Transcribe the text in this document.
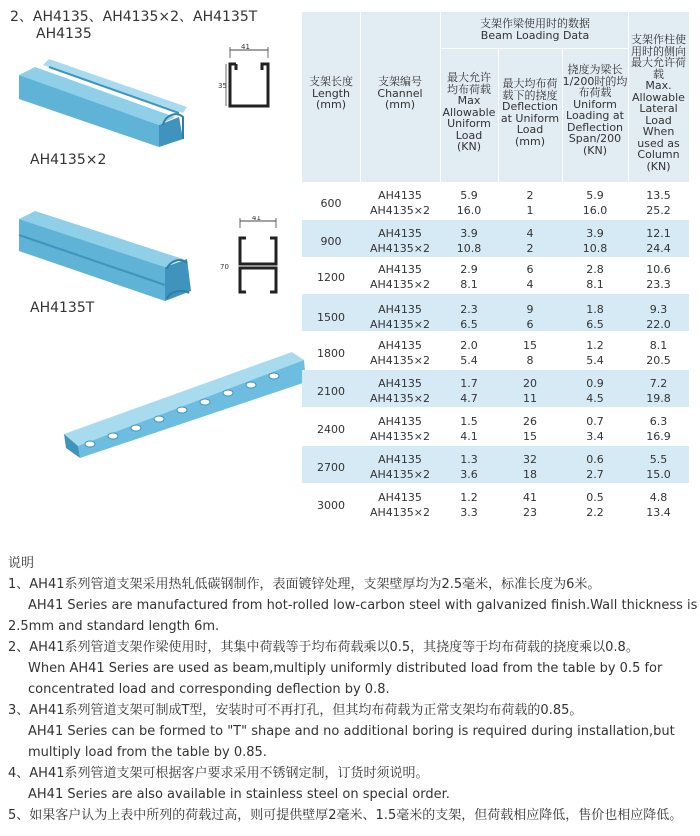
2、AH4135、AH4135×2、AH4135T
AH4135
41
35
AH4135×2
41
70
AH4135T
支架长度
Length
(mm)
支架编号
Channel
(mm)
支架作梁使用时的数据
Beam Loading Data
最大允许
均布荷载
Max
Allowable
Uniform
Load
(KN)
最大均布荷
载下的挠度
Deflection
at Uniform
Load
(mm)
挠度为梁长
1/200时的均
布荷载
Uniform
Loading at
Deflection
Span/200
(KN)
支架作柱使
用时的侧向
最大允许荷
载
Max.
Allowable
Lateral
Load When
used as
Column
(KN)
600
AH4135
AH4135×2
5.9
16.0
2
1
5.9
16.0
13.5
25.2
900
AH4135
AH4135×2
3.9
10.8
4
2
3.9
10.8
12.1
24.4
1200
AH4135
AH4135×2
2.9
8.1
6
4
2.8
8.1
10.6
23.3
1500
AH4135
AH4135×2
2.3
6.5
9
6
1.8
6.5
9.3
22.0
1800
AH4135
AH4135×2
2.0
5.4
15
8
1.2
5.4
8.1
20.5
2100
AH4135
AH4135×2
1.7
4.7
20
11
0.9
4.5
7.2
19.8
2400
AH4135
AH4135×2
1.5
4.1
26
15
0.7
3.4
6.3
16.9
2700
AH4135
AH4135×2
1.3
3.6
32
18
0.6
2.7
5.5
15.0
3000
AH4135
AH4135×2
1.2
3.3
41
23
0.5
2.2
4.8
13.4
说明
1、AH41系列管道支架采用热轧低碳钢制作，表面镀锌处理，支架壁厚均为2.5毫米，标准长度为6米。
AH41 Series are manufactured from hot-rolled low-carbon steel with galvanized finish.Wall thickness is
2.5mm and standard length 6m.
2、AH41系列管道支架作梁使用时，其集中荷载等于均布荷载乘以0.5，其挠度等于均布荷载的挠度乘以0.8。
When AH41 Series are used as beam,multiply uniformly distributed load from the table by 0.5 for
concentrated load and corresponding deflection by 0.8.
3、AH41系列管道支架可制成T型，安装时可不再打孔，但其均布荷载为正常支架均布荷载的0.85。
AH41 Series can be formed to "T" shape and no additional boring is required during installation,but
multiply load from the table by 0.85.
4、AH41系列管道支架可根据客户要求采用不锈钢定制，订货时须说明。
AH41 Series are also available in stainless steel on special order.
5、如果客户认为上表中所列的荷载过高，则可提供壁厚2毫米、1.5毫米的支架，但荷载相应降低，售价也相应降低。
